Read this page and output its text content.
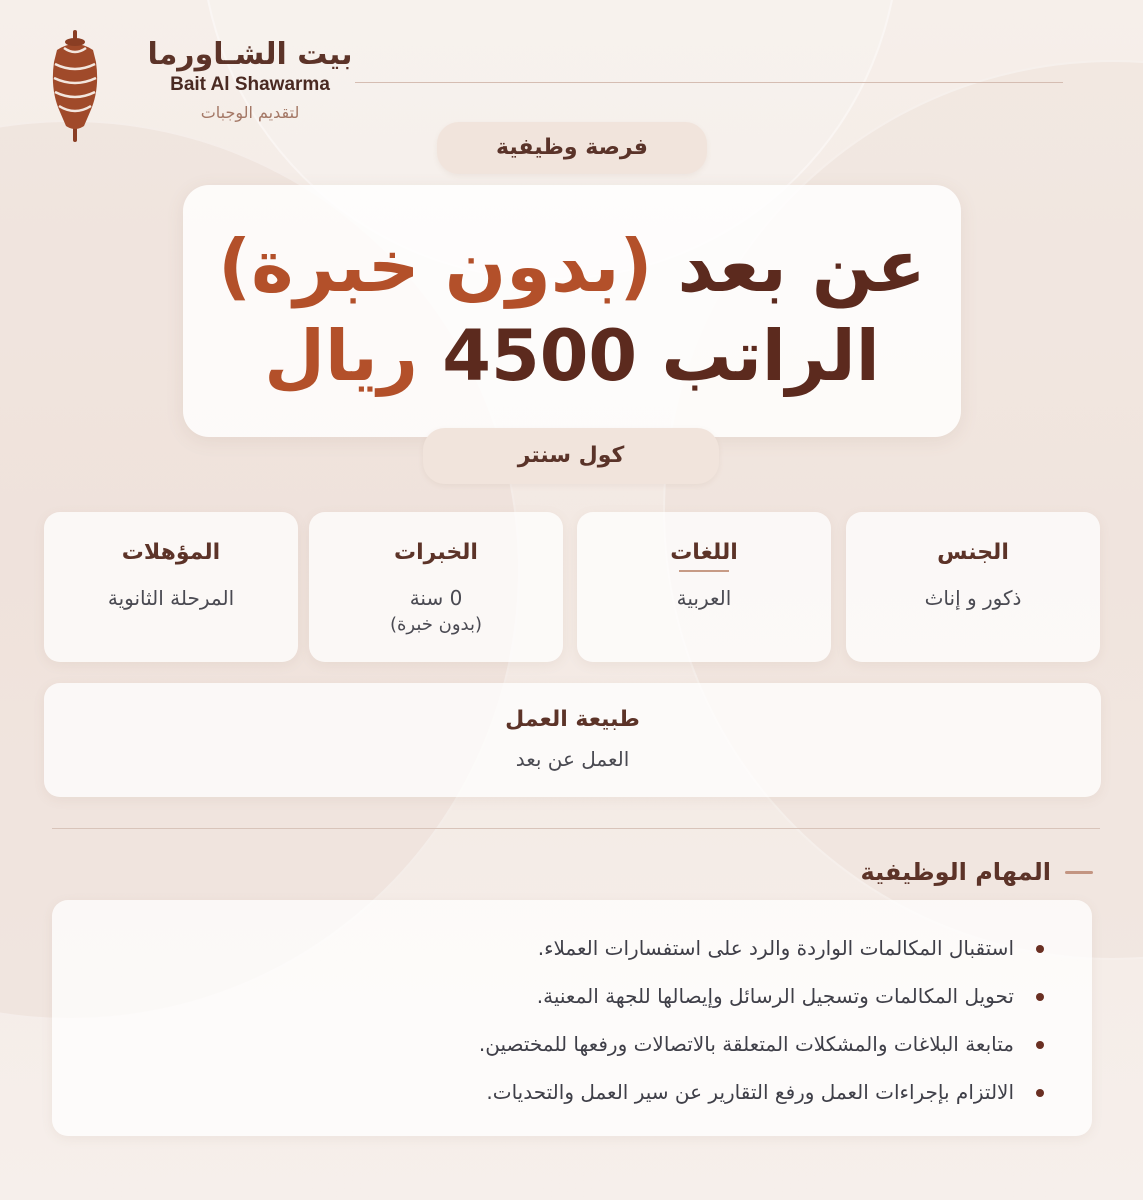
بيت الشـاورما
Bait Al Shawarma
لتقديم الوجبات
فرصة وظيفية
عن بعد (بدون خبرة)
الراتب 4500 ريال
كول سنتر
الجنس
ذكور و إناث
اللغات
العربية
الخبرات
0 سنة
(بدون خبرة)
المؤهلات
المرحلة الثانوية
طبيعة العمل
العمل عن بعد
المهام الوظيفية
استقبال المكالمات الواردة والرد على استفسارات العملاء.
تحويل المكالمات وتسجيل الرسائل وإيصالها للجهة المعنية.
متابعة البلاغات والمشكلات المتعلقة بالاتصالات ورفعها للمختصين.
الالتزام بإجراءات العمل ورفع التقارير عن سير العمل والتحديات.
